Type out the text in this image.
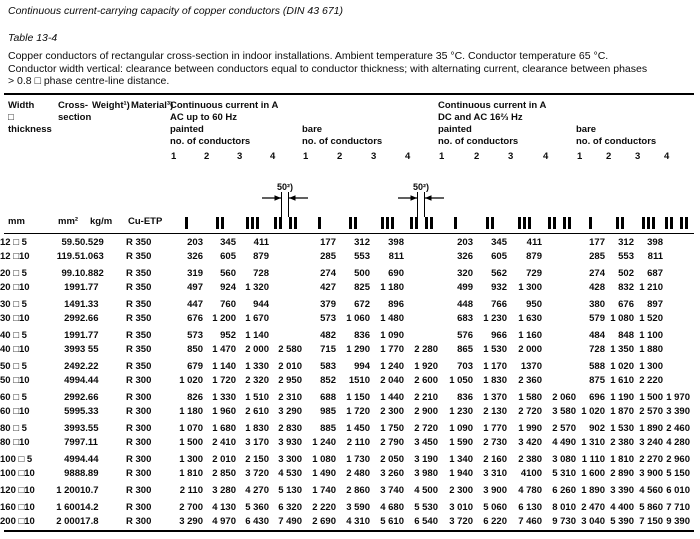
Continuous current-carrying capacity of copper conductors (DIN 43 671)
Table 13-4
Copper conductors of rectangular cross-section in indoor installations. Ambient temperature 35 °C. Conductor temperature 65 °C.
Conductor width vertical: clearance between conductors equal to conductor thickness; with alternating current, clearance between phases
> 0.8 □ phase centre-line distance.
Width
□
thickness
Cross-
section
Weight¹) Material³)
Continuous current in A
AC up to 60 Hz
painted	bare
no. of conductors	no. of conductors
Continuous current in A
DC and AC 16⅔ Hz
painted	bare
no. of conductors	no. of conductors
1	2	3	4	1	2	3	4	1	2	3	4	1 2 3 4
mm	mm² kg/m Cu-ETP
50²)	50²)
12 □ 5	59.5	0.529	R 350	203	345	411		177	312	398		203	345	411		177	312	398	
12 □10	119.5	1.063	R 350	326	605	879		285	553	811		326	605	879		285	553	811	

20 □ 5	99.1	0.882	R 350	319	560	728		274	500	690		320	562	729		274	502	687	
20 □10	199	1.77	R 350	497	924	1 320		427	825	1 180		499	932	1 300		428	832	1 210	

30 □ 5	149	1.33	R 350	447	760	944		379	672	896		448	766	950		380	676	897	
30 □10	299	2.66	R 350	676	1 200	1 670		573	1 060	1 480		683	1 230	1 630		579	1 080	1 520	

40 □ 5	199	1.77	R 350	573	952	1 140		482	836	1 090		576	966	1 160		484	848	1 100	
40 □10	399	3 55	R 350	850	1 470	2 000	2 580	715	1 290	1 770	2 280	865	1 530	2 000		728	1 350	1 880	

50 □ 5	249	2.22	R 350	679	1 140	1 330	2 010	583	994	1 240	1 920	703	1 170	1370		588	1 020	1 300	
50 □10	499	4.44	R 300	1 020	1 720	2 320	2 950	852	1510	2 040	2 600	1 050	1 830	2 360		875	1 610	2 220	

60 □ 5	299	2.66	R 300	826	1 330	1 510	2 310	688	1 150	1 440	2 210	836	1 370	1 580	2 060	696	1 190	1 500	1 970
60 □10	599	5.33	R 300	1 180	1 960	2 610	3 290	985	1 720	2 300	2 900	1 230	2 130	2 720	3 580	1 020	1 870	2 570	3 390

80 □ 5	399	3.55	R 300	1 070	1 680	1 830	2 830	885	1 450	1 750	2 720	1 090	1 770	1 990	2 570	902	1 530	1 890	2 460
80 □10	799	7.11	R 300	1 500	2 410	3 170	3 930	1 240	2 110	2 790	3 450	1 590	2 730	3 420	4 490	1 310	2 380	3 240	4 280

100 □ 5	499	4.44	R 300	1 300	2 010	2 150	3 300	1 080	1 730	2 050	3 190	1 340	2 160	2 380	3 080	1 110	1 810	2 270	2 960
100 □10	988	8.89	R 300	1 810	2 850	3 720	4 530	1 490	2 480	3 260	3 980	1 940	3 310	4100	5 310	1 600	2 890	3 900	5 150

120 □10	1 200	10.7	R 300	2 110	3 280	4 270	5 130	1 740	2 860	3 740	4 500	2 300	3 900	4 780	6 260	1 890	3 390	4 560	6 010

160 □10	1 600	14.2	R 300	2 700	4 130	5 360	6 320	2 220	3 590	4 680	5 530	3 010	5 060	6 130	8 010	2 470	4 400	5 860	7 710
200 □10	2 000	17.8	R 300	3 290	4 970	6 430	7 490	2 690	4 310	5 610	6 540	3 720	6 220	7 460	9 730	3 040	5 390	7 150	9 390
